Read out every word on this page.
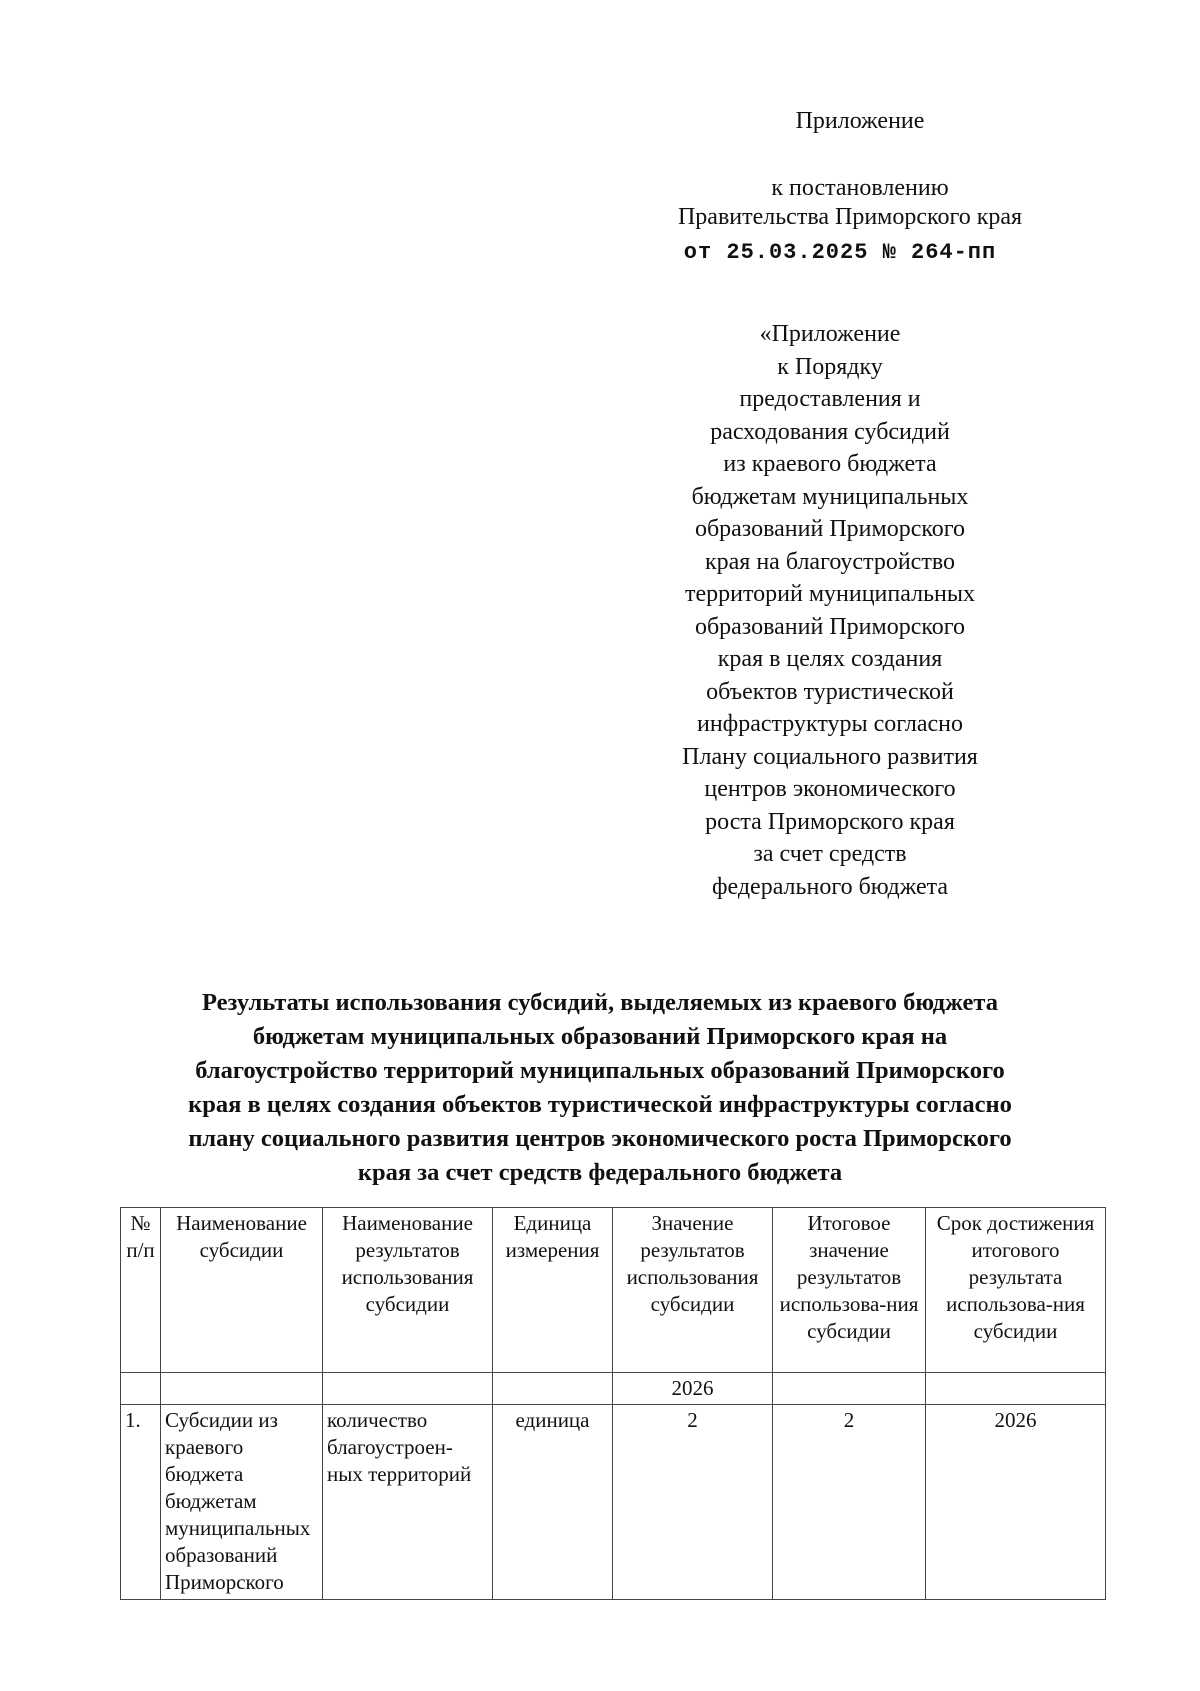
Приложение
к постановлению
Правительства Приморского края
от 25.03.2025 № 264-пп
«Приложение
к Порядку
предоставления и
расходования субсидий
из краевого бюджета
бюджетам муниципальных
образований Приморского
края на благоустройство
территорий муниципальных
образований Приморского
края в целях создания
объектов туристической
инфраструктуры согласно
Плану социального развития
центров экономического
роста Приморского края
за счет средств
федерального бюджета
Результаты использования субсидий, выделяемых из краевого бюджета
бюджетам муниципальных образований Приморского края на
благоустройство территорий муниципальных образований Приморского
края в целях создания объектов туристической инфраструктуры согласно
плану социального развития центров экономического роста Приморского
края за счет средств федерального бюджета
№ п/п	Наименование субсидии	Наименование результатов использования субсидии	Единица измерения	Значение результатов использования субсидии	Итоговое значение результатов использова-ния субсидии	Срок достижения итогового результата использова-ния субсидии
				2026		
1.	Субсидии из краевого бюджета бюджетам муниципальных образований Приморского	количество благоустроен-ных территорий	единица	2	2	2026
